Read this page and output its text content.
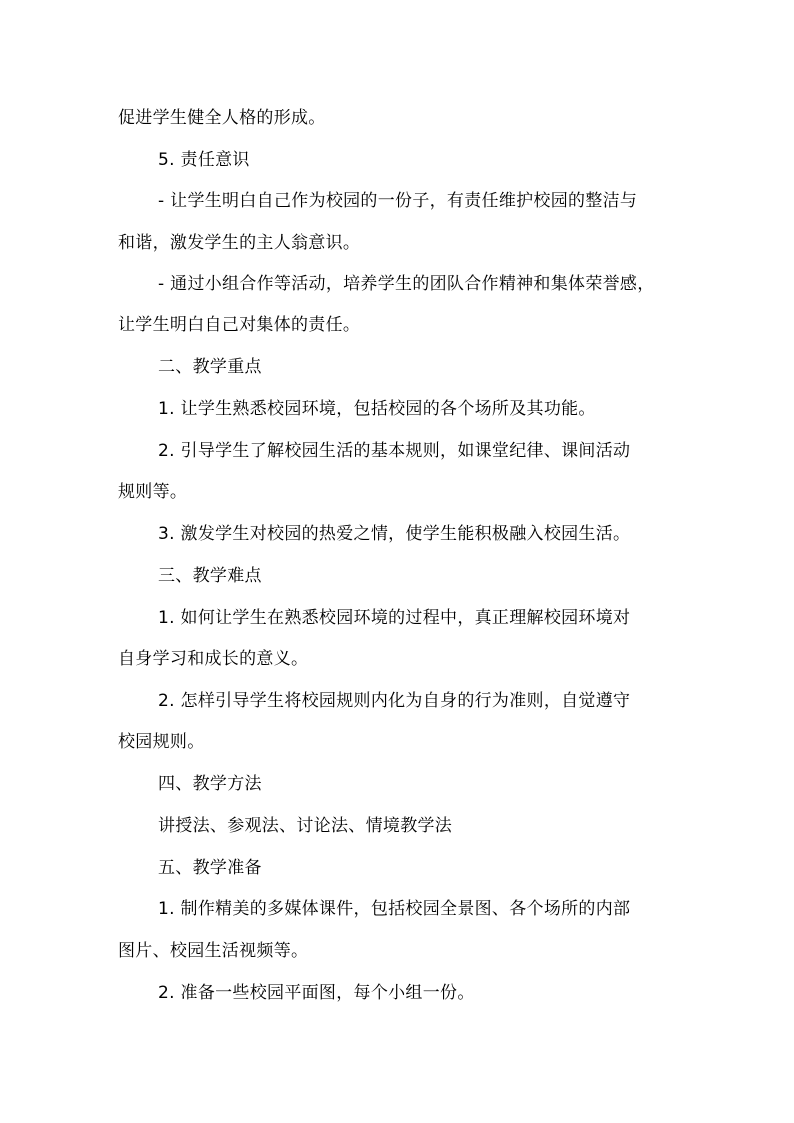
促进学生健全人格的形成。
5. 责任意识
- 让学生明白自己作为校园的一份子，有责任维护校园的整洁与
和谐，激发学生的主人翁意识。
- 通过小组合作等活动，培养学生的团队合作精神和集体荣誉感，
让学生明白自己对集体的责任。
二、教学重点
1. 让学生熟悉校园环境，包括校园的各个场所及其功能。
2. 引导学生了解校园生活的基本规则，如课堂纪律、课间活动
规则等。
3. 激发学生对校园的热爱之情，使学生能积极融入校园生活。
三、教学难点
1. 如何让学生在熟悉校园环境的过程中，真正理解校园环境对
自身学习和成长的意义。
2. 怎样引导学生将校园规则内化为自身的行为准则，自觉遵守
校园规则。
四、教学方法
讲授法、参观法、讨论法、情境教学法
五、教学准备
1. 制作精美的多媒体课件，包括校园全景图、各个场所的内部
图片、校园生活视频等。
2. 准备一些校园平面图，每个小组一份。
